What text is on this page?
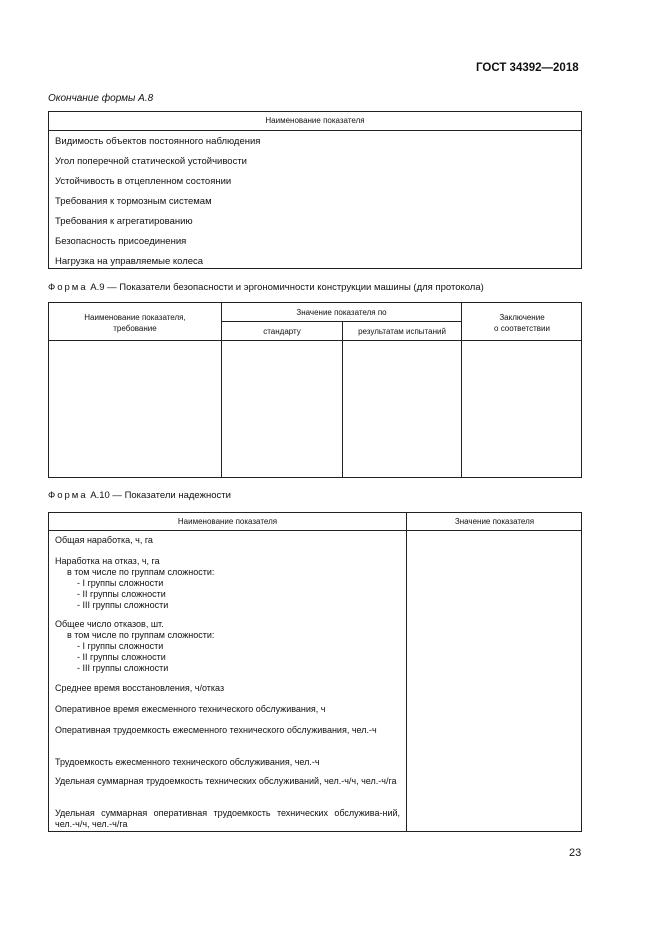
ГОСТ 34392—2018
Окончание формы А.8
Наименование показателя
Видимость объектов постоянного наблюдения
Угол поперечной статической устойчивости
Устойчивость в отцепленном состоянии
Требования к тормозным системам
Требования к агрегатированию
Безопасность присоединения
Нагрузка на управляемые колеса
Форма А.9 — Показатели безопасности и эргономичности конструкции машины (для протокола)
Наименование показателя,
требование
Значение показателя по
стандарту	результатам испытаний
Заключение
о соответствии
Форма А.10 — Показатели надежности
Наименование показателя	Значение показателя
Общая наработка, ч, га
Наработка на отказ, ч, га
в том числе по группам сложности:
- I группы сложности
- II группы сложности
- III группы сложности
Общее число отказов, шт.
в том числе по группам сложности:
- I группы сложности
- II группы сложности
- III группы сложности
Среднее время восстановления, ч/отказ
Оперативное время ежесменного технического обслуживания, ч
Оперативная трудоемкость ежесменного технического обслуживания, чел.-ч
Трудоемкость ежесменного технического обслуживания, чел.-ч
Удельная суммарная трудоемкость технических обслуживаний, чел.-ч/ч, чел.-ч/га
Удельная суммарная оперативная трудоемкость технических обслужива-ний, чел.-ч/ч, чел.-ч/га
23
